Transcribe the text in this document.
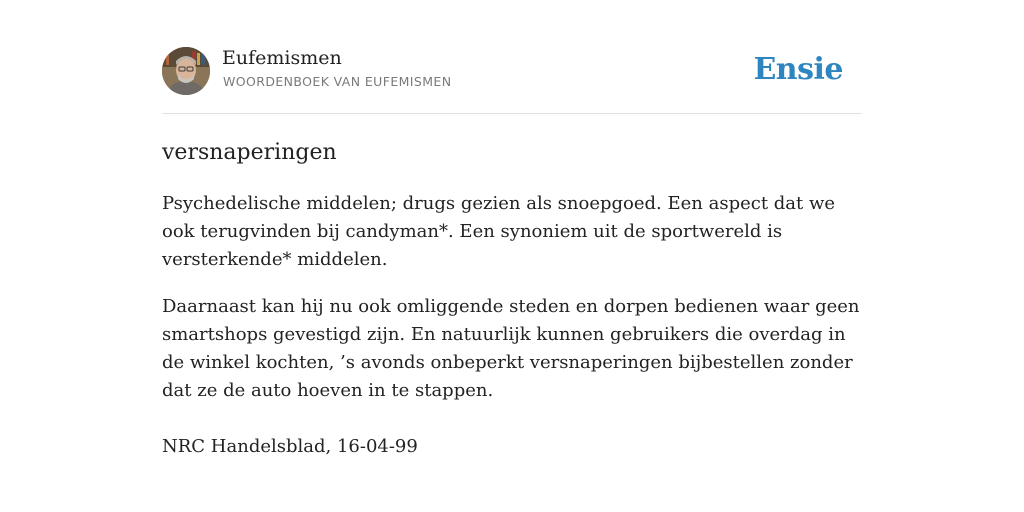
Eufemismen
WOORDENBOEK VAN EUFEMISMEN	Ensie
versnaperingen

Psychedelische middelen; drugs gezien als snoepgoed. Een aspect dat we ook terugvinden bij candyman*. Een synoniem uit de sportwereld is versterkende* middelen.

Daarnaast kan hij nu ook omliggende steden en dorpen bedienen waar geen smartshops gevestigd zijn. En natuurlijk kunnen gebruikers die overdag in de winkel kochten, ’s avonds onbeperkt versnaperingen bijbestellen zonder dat ze de auto hoeven in te stappen.

NRC Handelsblad, 16-04-99
